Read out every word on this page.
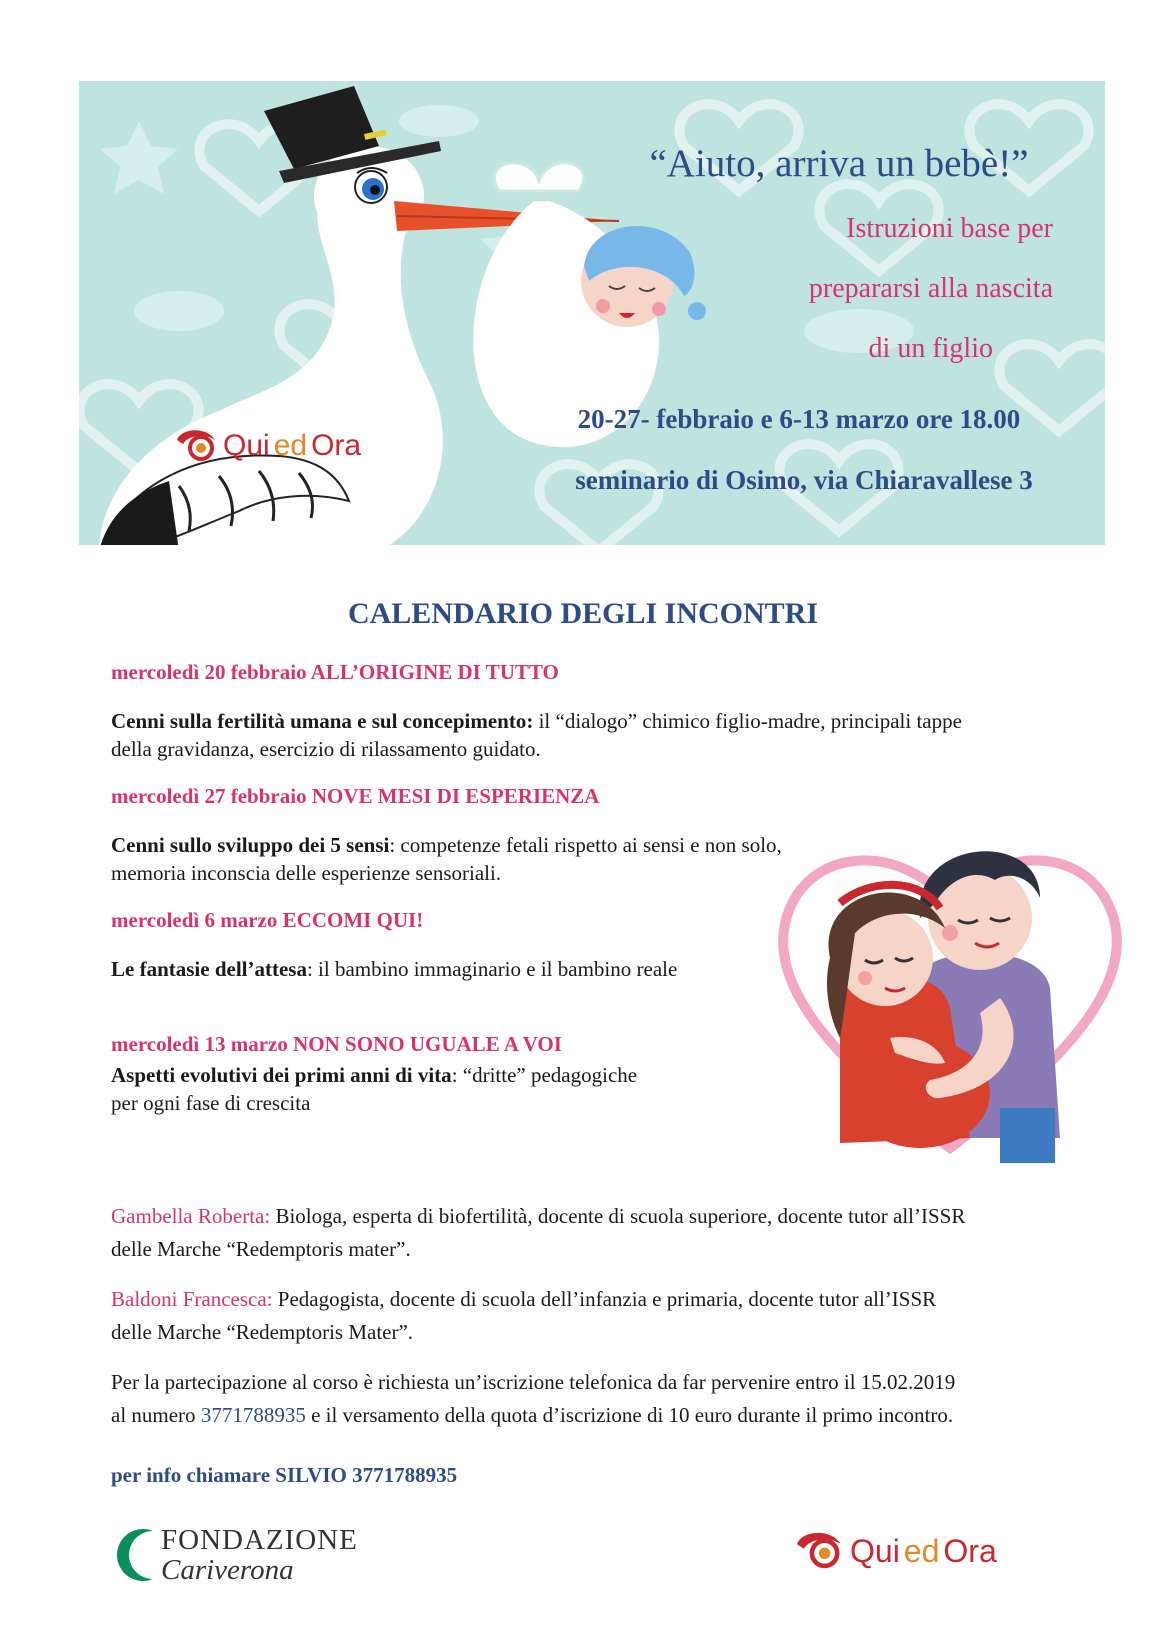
“Aiuto, arriva un bebè!”
Istruzioni base per
prepararsi alla nascita
di un figlio
20-27- febbraio e 6-13 marzo ore 18.00
seminario di Osimo, via Chiaravallese 3
Qui
ed
Ora
CALENDARIO DEGLI INCONTRI
mercoledì 20 febbraio ALL’ORIGINE DI TUTTO
Cenni sulla fertilità umana e sul concepimento: il “dialogo” chimico figlio-madre, principali tappe
della gravidanza, esercizio di rilassamento guidato.
mercoledì 27 febbraio NOVE MESI DI ESPERIENZA
Cenni sullo sviluppo dei 5 sensi: competenze fetali rispetto ai sensi e non solo,
memoria inconscia delle esperienze sensoriali.
mercoledì 6 marzo ECCOMI QUI!
Le fantasie dell’attesa: il bambino immaginario e il bambino reale
mercoledì 13 marzo NON SONO UGUALE A VOI
Aspetti evolutivi dei primi anni di vita: “dritte” pedagogiche
per ogni fase di crescita
Gambella Roberta: Biologa, esperta di biofertilità, docente di scuola superiore, docente tutor all’ISSR
delle Marche “Redemptoris mater”.
Baldoni Francesca: Pedagogista, docente di scuola dell’infanzia e primaria, docente tutor all’ISSR
delle Marche “Redemptoris Mater”.
Per la partecipazione al corso è richiesta un’iscrizione telefonica da far pervenire entro il 15.02.2019
al numero 3771788935 e il versamento della quota d’iscrizione di 10 euro durante il primo incontro.
per info chiamare SILVIO 3771788935
FONDAZIONE
Cariverona
Qui
ed
Ora
